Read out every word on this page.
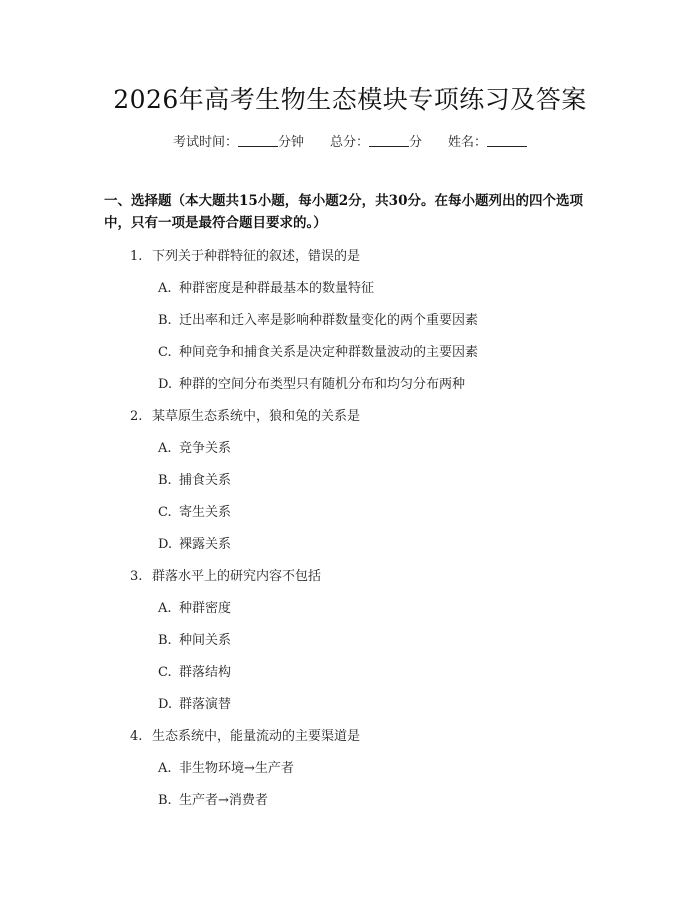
2026年高考生物生态模块专项练习及答案
考试时间：	分钟 总分：	分 姓名：
一、选择题（本大题共15小题，每小题2分，共30分。在每小题列出的四个选项中，只有一项是最符合题目要求的。）
1. 下列关于种群特征的叙述，错误的是
A. 种群密度是种群最基本的数量特征
B. 迁出率和迁入率是影响种群数量变化的两个重要因素
C. 种间竞争和捕食关系是决定种群数量波动的主要因素
D. 种群的空间分布类型只有随机分布和均匀分布两种
2. 某草原生态系统中，狼和兔的关系是
A. 竞争关系
B. 捕食关系
C. 寄生关系
D. 裸露关系
3. 群落水平上的研究内容不包括
A. 种群密度
B. 种间关系
C. 群落结构
D. 群落演替
4. 生态系统中，能量流动的主要渠道是
A. 非生物环境→生产者
B. 生产者→消费者
